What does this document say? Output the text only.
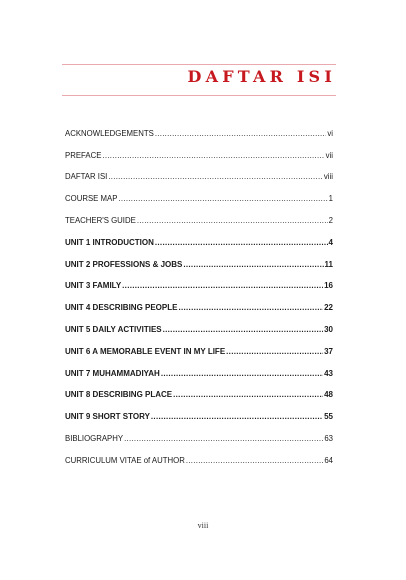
DAFTAR ISI
ACKNOWLEDGEMENTS .....	vi
PREFACE .....	vii
DAFTAR ISI .....	viii
COURSE MAP .....	1
TEACHER'S GUIDE .....	2
UNIT 1 INTRODUCTION .....	4
UNIT 2 PROFESSIONS & JOBS .....	11
UNIT 3 FAMILY .....	16
UNIT 4 DESCRIBING PEOPLE .....	22
UNIT 5 DAILY ACTIVITIES .....	30
UNIT 6 A MEMORABLE EVENT IN MY LIFE .....	37
UNIT 7 MUHAMMADIYAH .....	43
UNIT 8 DESCRIBING PLACE .....	48
UNIT 9 SHORT STORY .....	55
BIBLIOGRAPHY .....	63
CURRICULUM VITAE of AUTHOR .....	64
viii
